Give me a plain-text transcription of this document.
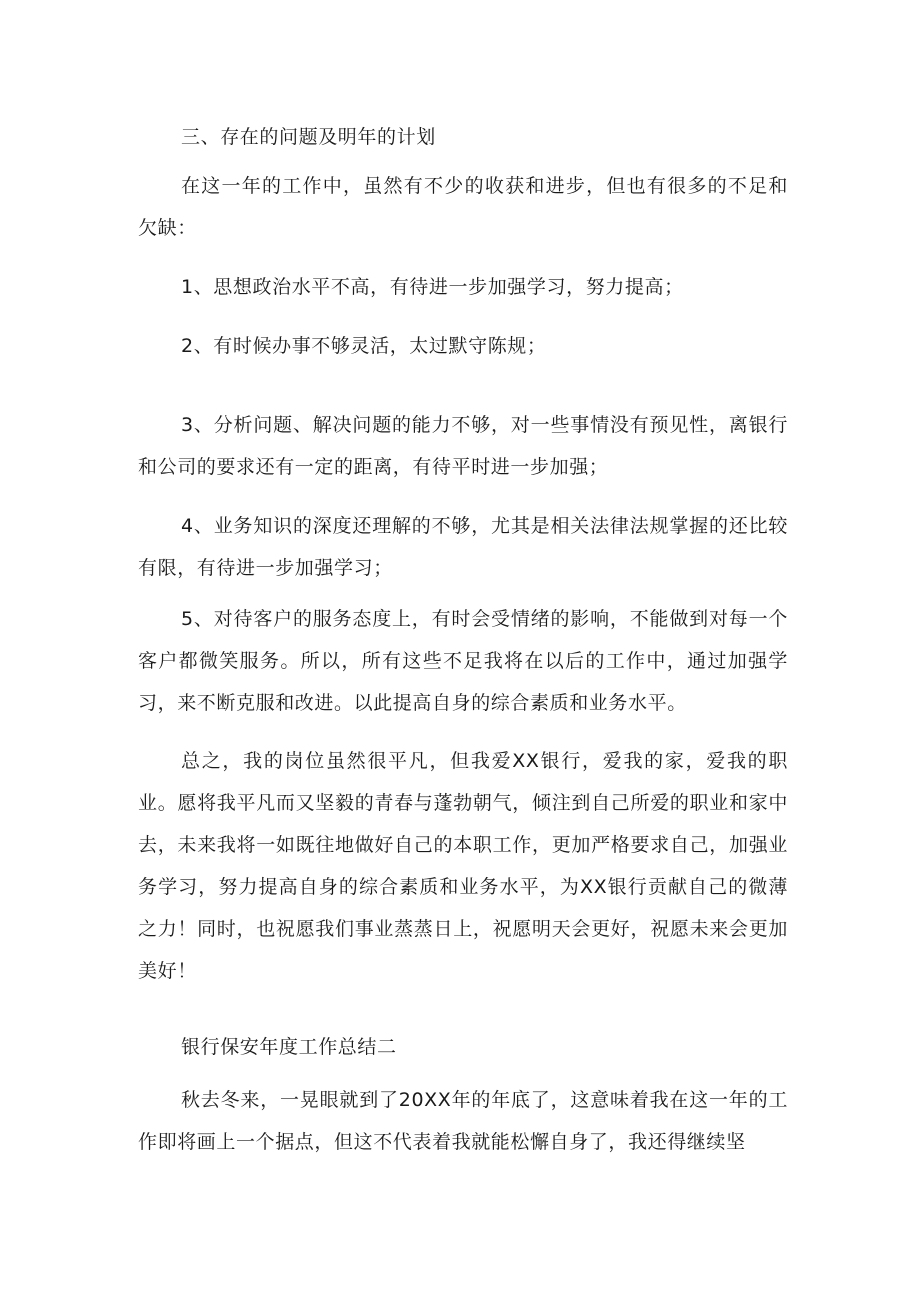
三、存在的问题及明年的计划

在这一年的工作中，虽然有不少的收获和进步，但也有很多的不足和欠缺：

1、思想政治水平不高，有待进一步加强学习，努力提高；

2、有时候办事不够灵活，太过默守陈规；

3、分析问题、解决问题的能力不够，对一些事情没有预见性，离银行和公司的要求还有一定的距离，有待平时进一步加强；

4、业务知识的深度还理解的不够，尤其是相关法律法规掌握的还比较有限，有待进一步加强学习；

5、对待客户的服务态度上，有时会受情绪的影响，不能做到对每一个客户都微笑服务。所以，所有这些不足我将在以后的工作中，通过加强学习，来不断克服和改进。以此提高自身的综合素质和业务水平。

总之，我的岗位虽然很平凡，但我爱XX银行，爱我的家，爱我的职业。愿将我平凡而又坚毅的青春与蓬勃朝气，倾注到自己所爱的职业和家中去，未来我将一如既往地做好自己的本职工作，更加严格要求自己，加强业务学习，努力提高自身的综合素质和业务水平，为XX银行贡献自己的微薄之力！同时，也祝愿我们事业蒸蒸日上，祝愿明天会更好，祝愿未来会更加美好！

银行保安年度工作总结二

秋去冬来，一晃眼就到了20XX年的年底了，这意味着我在这一年的工作即将画上一个据点，但这不代表着我就能松懈自身了，我还得继续坚
